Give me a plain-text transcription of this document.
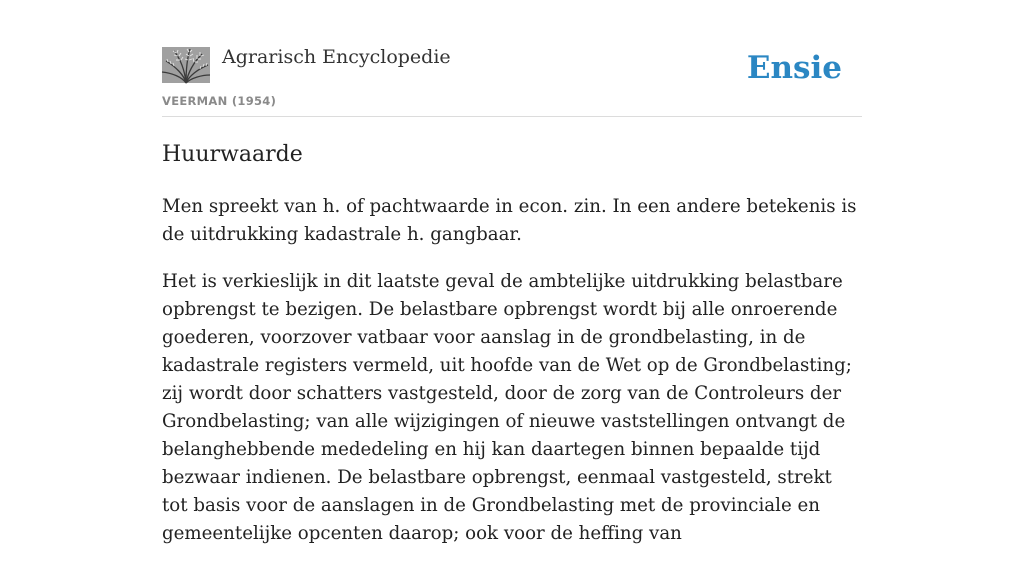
Agrarisch Encyclopedie
VEERMAN (1954)
Ensie
Huurwaarde

Men spreekt van h. of pachtwaarde in econ. zin. In een andere betekenis is de uitdrukking kadastrale h. gangbaar.

Het is verkieslijk in dit laatste geval de ambtelijke uitdrukking belastbare opbrengst te bezigen. De belastbare opbrengst wordt bij alle onroerende goederen, voorzover vatbaar voor aanslag in de grondbelasting, in de kadastrale registers vermeld, uit hoofde van de Wet op de Grondbelasting; zij wordt door schatters vastgesteld, door de zorg van de Controleurs der Grondbelasting; van alle wijzigingen of nieuwe vaststellingen ontvangt de belanghebbende mededeling en hij kan daartegen binnen bepaalde tijd bezwaar indienen. De belastbare opbrengst, eenmaal vastgesteld, strekt tot basis voor de aanslagen in de Grondbelasting met de provinciale en gemeentelijke opcenten daarop; ook voor de heffing van
